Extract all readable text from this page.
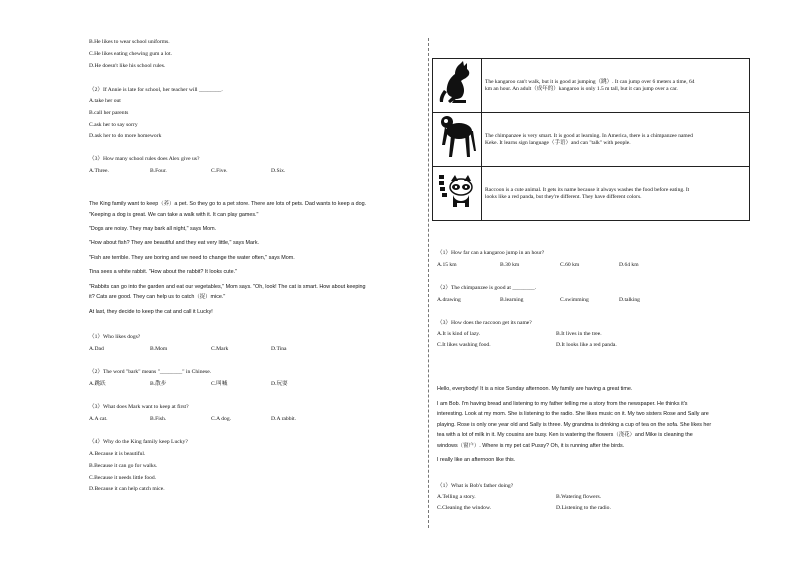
B.He likes to wear school uniforms.
C.He likes eating chewing gum a lot.
D.He doesn't like his school rules.
（2）If Annie is late for school, her teacher will ________.
A.take her out
B.call her parents
C.ask her to say sorry
D.ask her to do more homework
（3）How many school rules does Alex give us?
A.Three.	B.Four.	C.Five.	D.Six.
The King family want to keep（养）a pet. So they go to a pet store. There are lots of pets. Dad wants to keep a dog.
"Keeping a dog is great. We can take a walk with it. It can play games."
"Dogs are noisy. They may bark all night," says Mom.
"How about fish? They are beautiful and they eat very little," says Mark.
"Fish are terrible. They are boring and we need to change the water often," says Mom.
Tina sees a white rabbit. "How about the rabbit? It looks cute."
"Rabbits can go into the garden and eat our vegetables," Mom says. "Oh, look! The cat is smart. How about keeping
it? Cats are good. They can help us to catch（捉）mice."
At last, they decide to keep the cat and call it Lucky!
（1）Who likes dogs?
A.Dad	B.Mom	C.Mark	D.Tina
（2）The word "bark" means "________" in Chinese.
A.跳跃	B.散步	C.叫喊	D.玩耍
（3）What does Mark want to keep at first?
A.A cat.	B.Fish.	C.A dog.	D.A rabbit.
（4）Why do the King family keep Lucky?
A.Because it is beautiful.
B.Because it can go for walks.
C.Because it needs little food.
D.Because it can help catch mice.
	The kangaroo can't walk, but it is good at jumping（跳）. It can jump over 6 meters a time, 64
km an hour. An adult（成年的）kangaroo is only 1.5 m tall, but it can jump over a car.
	The chimpanzee is very smart. It is good at learning. In America, there is a chimpanzee named
Keke. It learns sign language（手语）and can "talk" with people.
	Raccoon is a cute animal. It gets its name because it always washes the food before eating. It
looks like a red panda, but they're different. They have different colors.
（1）How far can a kangaroo jump in an hour?
A.15 km	B.30 km	C.60 km	D.64 km
（2）The chimpanzee is good at ________.
A.drawing	B.learning	C.swimming	D.talking
（3）How does the raccoon get its name?
A.It is kind of lazy.	B.It lives in the tree.
C.It likes washing food.	D.It looks like a red panda.
Hello, everybody! It is a nice Sunday afternoon. My family are having a great time.
I am Bob. I'm having bread and listening to my father telling me a story from the newspaper. He thinks it's
interesting. Look at my mom. She is listening to the radio. She likes music on it. My two sisters Rose and Sally are
playing. Rose is only one year old and Sally is three. My grandma is drinking a cup of tea on the sofa. She likes her
tea with a lot of milk in it. My cousins are busy. Ken is watering the flowers（浇花）and Mike is cleaning the
windows（窗户）. Where is my pet cat Pussy? Oh, it is running after the birds.
I really like an afternoon like this.
（1）What is Bob's father doing?
A.Telling a story.	B.Watering flowers.
C.Cleaning the window.	D.Listening to the radio.
